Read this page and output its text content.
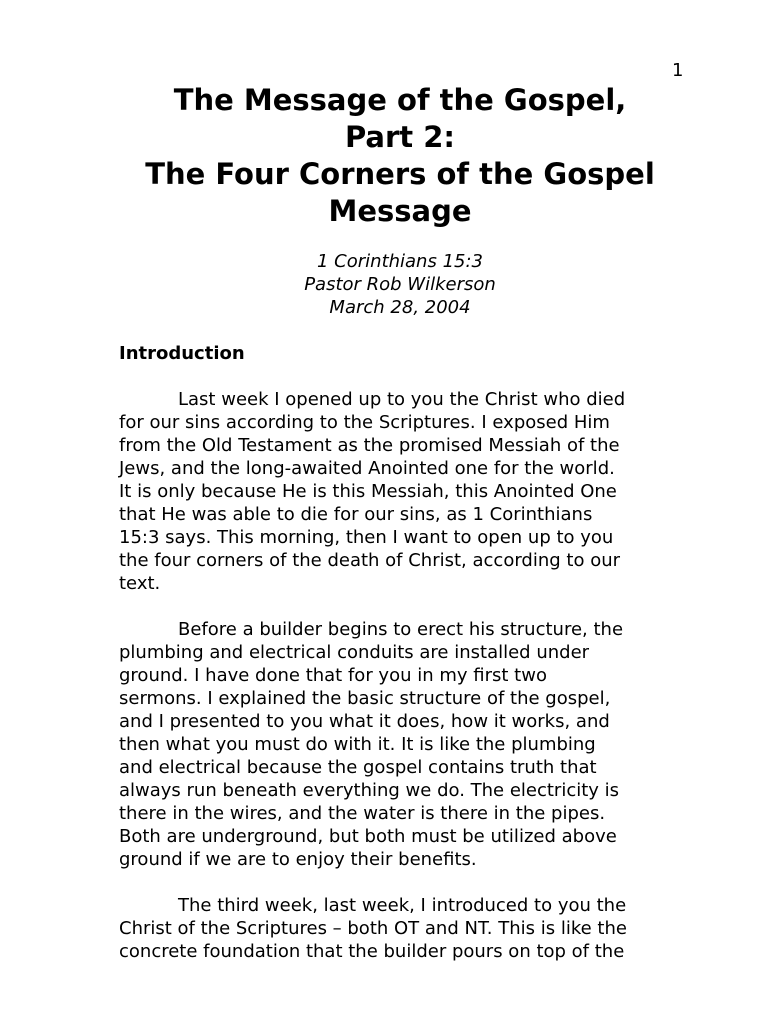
1
The Message of the Gospel,
Part 2:
The Four Corners of the Gospel
Message
1 Corinthians 15:3
Pastor Rob Wilkerson
March 28, 2004
Introduction

Last week I opened up to you the Christ who died
for our sins according to the Scriptures. I exposed Him
from the Old Testament as the promised Messiah of the
Jews, and the long-awaited Anointed one for the world.
It is only because He is this Messiah, this Anointed One
that He was able to die for our sins, as 1 Corinthians
15:3 says. This morning, then I want to open up to you
the four corners of the death of Christ, according to our
text.

Before a builder begins to erect his structure, the
plumbing and electrical conduits are installed under
ground. I have done that for you in my first two
sermons. I explained the basic structure of the gospel,
and I presented to you what it does, how it works, and
then what you must do with it. It is like the plumbing
and electrical because the gospel contains truth that
always run beneath everything we do. The electricity is
there in the wires, and the water is there in the pipes.
Both are underground, but both must be utilized above
ground if we are to enjoy their benefits.

The third week, last week, I introduced to you the
Christ of the Scriptures – both OT and NT. This is like the
concrete foundation that the builder pours on top of the
